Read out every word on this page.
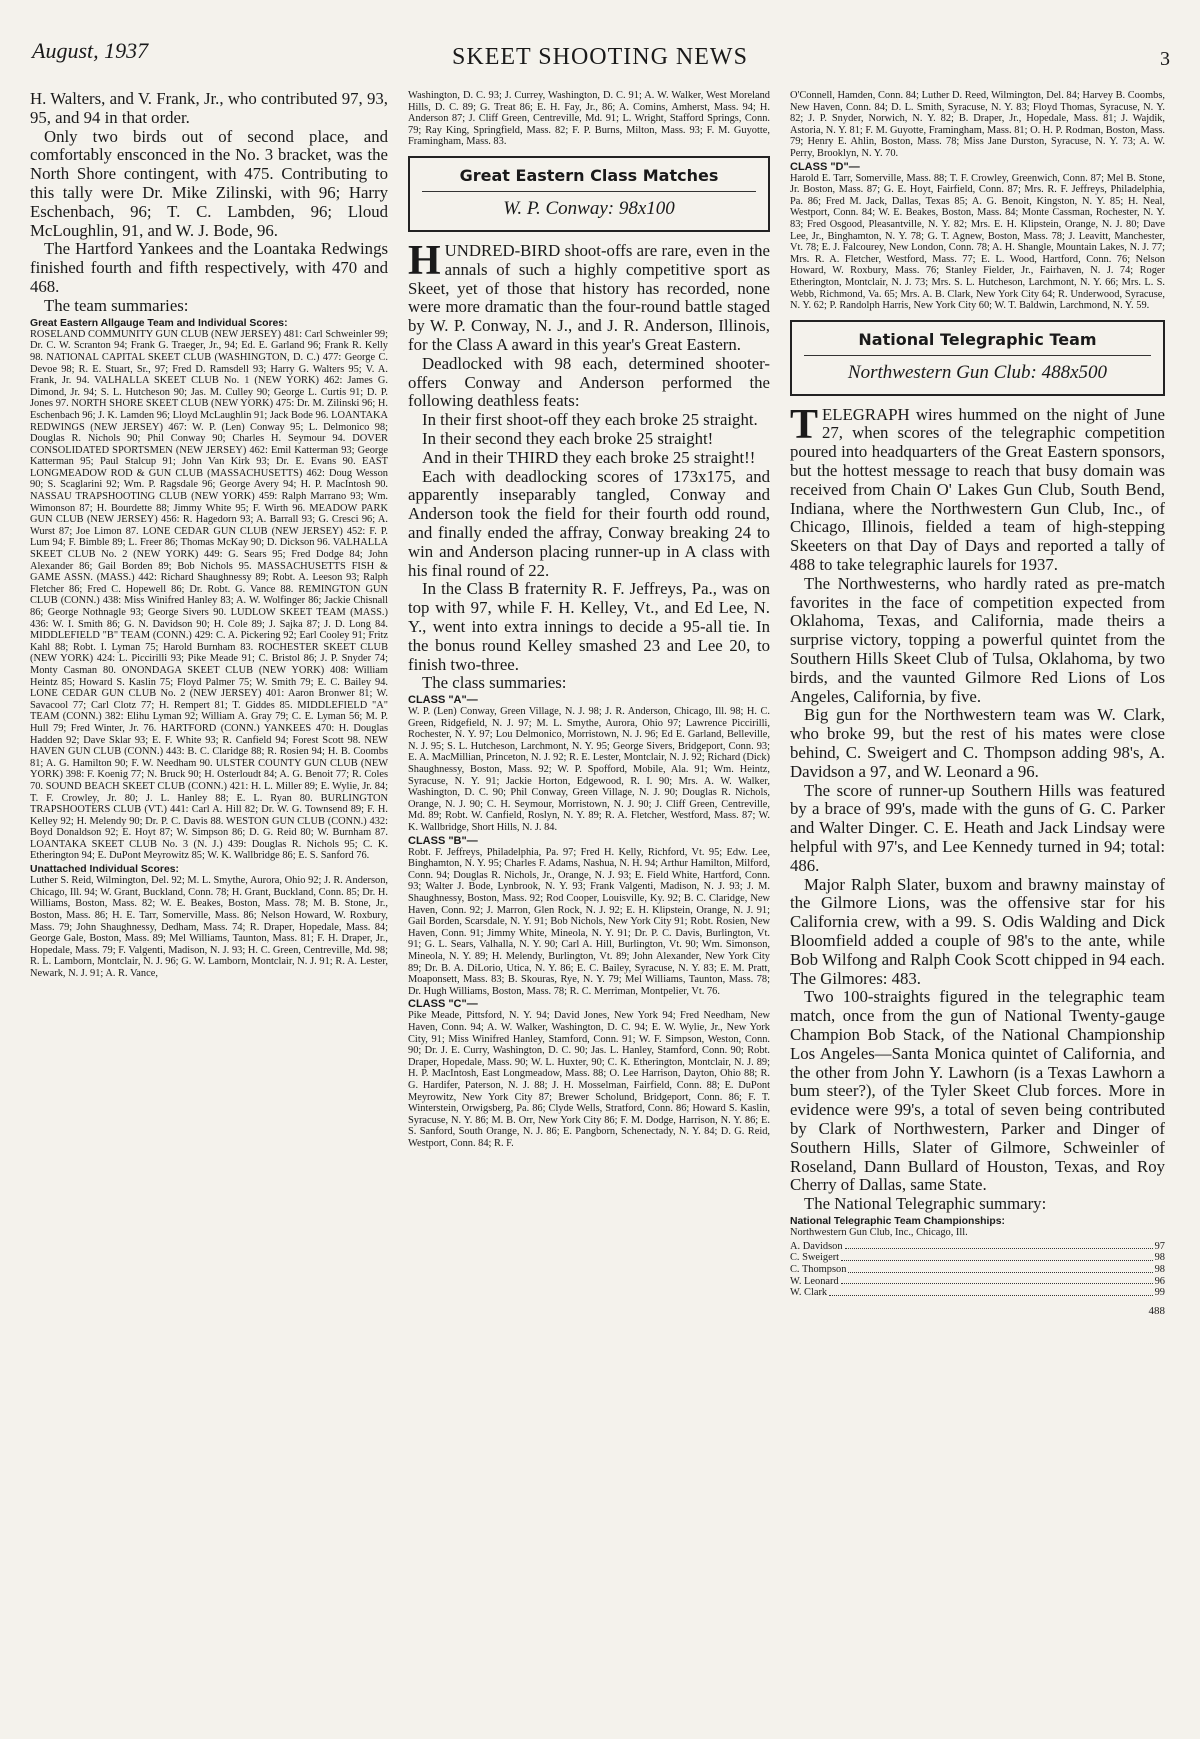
August, 1937	SKEET SHOOTING NEWS	3

H. Walters, and V. Frank, Jr., who contributed 97, 93, 95, and 94 in that order.

Only two birds out of second place, and comfortably ensconced in the No. 3 bracket, was the North Shore contingent, with 475. Contributing to this tally were Dr. Mike Zilinski, with 96; Harry Eschenbach, 96; T. C. Lambden, 96; Lloud McLoughlin, 91, and W. J. Bode, 96.

The Hartford Yankees and the Loantaka Redwings finished fourth and fifth respectively, with 470 and 468.

The team summaries:

Great Eastern Allgauge Team and Individual Scores:

ROSELAND COMMUNITY GUN CLUB (NEW JERSEY) 481: Carl Schweinler 99; Dr. C. W. Scranton 94; Frank G. Traeger, Jr., 94; Ed. E. Garland 96; Frank R. Kelly 98. NATIONAL CAPITAL SKEET CLUB (WASHINGTON, D. C.) 477: George C. Devoe 98; R. E. Stuart, Sr., 97; Fred D. Ramsdell 93; Harry G. Walters 95; V. A. Frank, Jr. 94. VALHALLA SKEET CLUB No. 1 (NEW YORK) 462: James G. Dimond, Jr. 94; S. L. Hutcheson 90; Jas. M. Culley 90; George L. Curtis 91; D. P. Jones 97. NORTH SHORE SKEET CLUB (NEW YORK) 475: Dr. M. Zilinski 96; H. Eschenbach 96; J. K. Lamden 96; Lloyd McLaughlin 91; Jack Bode 96. LOANTAKA REDWINGS (NEW JERSEY) 467: W. P. (Len) Conway 95; L. Delmonico 98; Douglas R. Nichols 90; Phil Conway 90; Charles H. Seymour 94. DOVER CONSOLIDATED SPORTSMEN (NEW JERSEY) 462: Emil Katterman 93; George Katterman 95; Paul Stalcup 91; John Van Kirk 93; Dr. E. Evans 90. EAST LONGMEADOW ROD & GUN CLUB (MASSACHUSETTS) 462: Doug Wesson 90; S. Scaglarini 92; Wm. P. Ragsdale 96; George Avery 94; H. P. MacIntosh 90. NASSAU TRAPSHOOTING CLUB (NEW YORK) 459: Ralph Marrano 93; Wm. Wimonson 87; H. Bourdette 88; Jimmy White 95; F. Wirth 96. MEADOW PARK GUN CLUB (NEW JERSEY) 456: R. Hagedorn 93; A. Barrall 93; G. Cresci 96; A. Wurst 87; Joe Limon 87. LONE CEDAR GUN CLUB (NEW JERSEY) 452: F. P. Lum 94; F. Bimble 89; L. Freer 86; Thomas McKay 90; D. Dickson 96. VALHALLA SKEET CLUB No. 2 (NEW YORK) 449: G. Sears 95; Fred Dodge 84; John Alexander 86; Gail Borden 89; Bob Nichols 95. MASSACHUSETTS FISH & GAME ASSN. (MASS.) 442: Richard Shaughnessy 89; Robt. A. Leeson 93; Ralph Fletcher 86; Fred C. Hopewell 86; Dr. Robt. G. Vance 88. REMINGTON GUN CLUB (CONN.) 438: Miss Winifred Hanley 83; A. W. Wolfinger 86; Jackie Chisnall 86; George Nothnagle 93; George Sivers 90. LUDLOW SKEET TEAM (MASS.) 436: W. I. Smith 86; G. N. Davidson 90; H. Cole 89; J. Sajka 87; J. D. Long 84. MIDDLEFIELD "B" TEAM (CONN.) 429: C. A. Pickering 92; Earl Cooley 91; Fritz Kahl 88; Robt. I. Lyman 75; Harold Burnham 83. ROCHESTER SKEET CLUB (NEW YORK) 424: L. Piccirilli 93; Pike Meade 91; C. Bristol 86; J. P. Snyder 74; Monty Casman 80. ONONDAGA SKEET CLUB (NEW YORK) 408: William Heintz 85; Howard S. Kaslin 75; Floyd Palmer 75; W. Smith 79; E. C. Bailey 94. LONE CEDAR GUN CLUB No. 2 (NEW JERSEY) 401: Aaron Bronwer 81; W. Savacool 77; Carl Clotz 77; H. Rempert 81; T. Giddes 85. MIDDLEFIELD "A" TEAM (CONN.) 382: Elihu Lyman 92; William A. Gray 79; C. E. Lyman 56; M. P. Hull 79; Fred Winter, Jr. 76. HARTFORD (CONN.) YANKEES 470: H. Douglas Hadden 92; Dave Sklar 93; E. F. White 93; R. Canfield 94; Forest Scott 98. NEW HAVEN GUN CLUB (CONN.) 443: B. C. Claridge 88; R. Rosien 94; H. B. Coombs 81; A. G. Hamilton 90; F. W. Needham 90. ULSTER COUNTY GUN CLUB (NEW YORK) 398: F. Koenig 77; N. Bruck 90; H. Osterloudt 84; A. G. Benoit 77; R. Coles 70. SOUND BEACH SKEET CLUB (CONN.) 421: H. L. Miller 89; E. Wylie, Jr. 84; T. F. Crowley, Jr. 80; J. L. Hanley 88; E. L. Ryan 80. BURLINGTON TRAPSHOOTERS CLUB (VT.) 441: Carl A. Hill 82; Dr. W. G. Townsend 89; F. H. Kelley 92; H. Melendy 90; Dr. P. C. Davis 88. WESTON GUN CLUB (CONN.) 432: Boyd Donaldson 92; E. Hoyt 87; W. Simpson 86; D. G. Reid 80; W. Burnham 87. LOANTAKA SKEET CLUB No. 3 (N. J.) 439: Douglas R. Nichols 95; C. K. Etherington 94; E. DuPont Meyrowitz 85; W. K. Wallbridge 86; E. S. Sanford 76.

Unattached Individual Scores:

Luther S. Reid, Wilmington, Del. 92; M. L. Smythe, Aurora, Ohio 92; J. R. Anderson, Chicago, Ill. 94; W. Grant, Buckland, Conn. 78; H. Grant, Buckland, Conn. 85; Dr. H. Williams, Boston, Mass. 82; W. E. Beakes, Boston, Mass. 78; M. B. Stone, Jr., Boston, Mass. 86; H. E. Tarr, Somerville, Mass. 86; Nelson Howard, W. Roxbury, Mass. 79; John Shaughnessy, Dedham, Mass. 74; R. Draper, Hopedale, Mass. 84; George Gale, Boston, Mass. 89; Mel Williams, Taunton, Mass. 81; F. H. Draper, Jr., Hopedale, Mass. 79; F. Valgenti, Madison, N. J. 93; H. C. Green, Centreville, Md. 98; R. L. Lamborn, Montclair, N. J. 96; G. W. Lamborn, Montclair, N. J. 91; R. A. Lester, Newark, N. J. 91; A. R. Vance,

Washington, D. C. 93; J. Currey, Washington, D. C. 91; A. W. Walker, West Moreland Hills, D. C. 89; G. Treat 86; E. H. Fay, Jr., 86; A. Comins, Amherst, Mass. 94; H. Anderson 87; J. Cliff Green, Centreville, Md. 91; L. Wright, Stafford Springs, Conn. 79; Ray King, Springfield, Mass. 82; F. P. Burns, Milton, Mass. 93; F. M. Guyotte, Framingham, Mass. 83.

Great Eastern Class Matches
W. P. Conway: 98x100

HUNDRED-BIRD shoot-offs are rare, even in the annals of such a highly competitive sport as Skeet, yet of those that history has recorded, none were more dramatic than the four-round battle staged by W. P. Conway, N. J., and J. R. Anderson, Illinois, for the Class A award in this year's Great Eastern.

Deadlocked with 98 each, determined shooter-offers Conway and Anderson performed the following deathless feats:

In their first shoot-off they each broke 25 straight.

In their second they each broke 25 straight!

And in their THIRD they each broke 25 straight!!

Each with deadlocking scores of 173x175, and apparently inseparably tangled, Conway and Anderson took the field for their fourth odd round, and finally ended the affray, Conway breaking 24 to win and Anderson placing runner-up in A class with his final round of 22.

In the Class B fraternity R. F. Jeffreys, Pa., was on top with 97, while F. H. Kelley, Vt., and Ed Lee, N. Y., went into extra innings to decide a 95-all tie. In the bonus round Kelley smashed 23 and Lee 20, to finish two-three.

The class summaries:

CLASS "A"—

W. P. (Len) Conway, Green Village, N. J. 98; J. R. Anderson, Chicago, Ill. 98; H. C. Green, Ridgefield, N. J. 97; M. L. Smythe, Aurora, Ohio 97; Lawrence Piccirilli, Rochester, N. Y. 97; Lou Delmonico, Morristown, N. J. 96; Ed E. Garland, Belleville, N. J. 95; S. L. Hutcheson, Larchmont, N. Y. 95; George Sivers, Bridgeport, Conn. 93; E. A. MacMillian, Princeton, N. J. 92; R. E. Lester, Montclair, N. J. 92; Richard (Dick) Shaughnessy, Boston, Mass. 92; W. P. Spofford, Mobile, Ala. 91; Wm. Heintz, Syracuse, N. Y. 91; Jackie Horton, Edgewood, R. I. 90; Mrs. A. W. Walker, Washington, D. C. 90; Phil Conway, Green Village, N. J. 90; Douglas R. Nichols, Orange, N. J. 90; C. H. Seymour, Morristown, N. J. 90; J. Cliff Green, Centreville, Md. 89; Robt. W. Canfield, Roslyn, N. Y. 89; R. A. Fletcher, Westford, Mass. 87; W. K. Wallbridge, Short Hills, N. J. 84.

CLASS "B"—

Robt. F. Jeffreys, Philadelphia, Pa. 97; Fred H. Kelly, Richford, Vt. 95; Edw. Lee, Binghamton, N. Y. 95; Charles F. Adams, Nashua, N. H. 94; Arthur Hamilton, Milford, Conn. 94; Douglas R. Nichols, Jr., Orange, N. J. 93; E. Field White, Hartford, Conn. 93; Walter J. Bode, Lynbrook, N. Y. 93; Frank Valgenti, Madison, N. J. 93; J. M. Shaughnessy, Boston, Mass. 92; Rod Cooper, Louisville, Ky. 92; B. C. Claridge, New Haven, Conn. 92; J. Marron, Glen Rock, N. J. 92; E. H. Klipstein, Orange, N. J. 91; Gail Borden, Scarsdale, N. Y. 91; Bob Nichols, New York City 91; Robt. Rosien, New Haven, Conn. 91; Jimmy White, Mineola, N. Y. 91; Dr. P. C. Davis, Burlington, Vt. 91; G. L. Sears, Valhalla, N. Y. 90; Carl A. Hill, Burlington, Vt. 90; Wm. Simonson, Mineola, N. Y. 89; H. Melendy, Burlington, Vt. 89; John Alexander, New York City 89; Dr. B. A. DiLorio, Utica, N. Y. 86; E. C. Bailey, Syracuse, N. Y. 83; E. M. Pratt, Moaponsett, Mass. 83; B. Skouras, Rye, N. Y. 79; Mel Williams, Taunton, Mass. 78; Dr. Hugh Williams, Boston, Mass. 78; R. C. Merriman, Montpelier, Vt. 76.

CLASS "C"—

Pike Meade, Pittsford, N. Y. 94; David Jones, New York 94; Fred Needham, New Haven, Conn. 94; A. W. Walker, Washington, D. C. 94; E. W. Wylie, Jr., New York City, 91; Miss Winifred Hanley, Stamford, Conn. 91; W. F. Simpson, Weston, Conn. 90; Dr. J. E. Curry, Washington, D. C. 90; Jas. L. Hanley, Stamford, Conn. 90; Robt. Draper, Hopedale, Mass. 90; W. L. Huxter, 90; C. K. Etherington, Montclair, N. J. 89; H. P. MacIntosh, East Longmeadow, Mass. 88; O. Lee Harrison, Dayton, Ohio 88; R. G. Hardifer, Paterson, N. J. 88; J. H. Mosselman, Fairfield, Conn. 88; E. DuPont Meyrowitz, New York City 87; Brewer Scholund, Bridgeport, Conn. 86; F. T. Winterstein, Orwigsberg, Pa. 86; Clyde Wells, Stratford, Conn. 86; Howard S. Kaslin, Syracuse, N. Y. 86; M. B. Orr, New York City 86; F. M. Dodge, Harrison, N. Y. 86; E. S. Sanford, South Orange, N. J. 86; E. Pangborn, Schenectady, N. Y. 84; D. G. Reid, Westport, Conn. 84; R. F.

O'Connell, Hamden, Conn. 84; Luther D. Reed, Wilmington, Del. 84; Harvey B. Coombs, New Haven, Conn. 84; D. L. Smith, Syracuse, N. Y. 83; Floyd Thomas, Syracuse, N. Y. 82; J. P. Snyder, Norwich, N. Y. 82; B. Draper, Jr., Hopedale, Mass. 81; J. Wajdik, Astoria, N. Y. 81; F. M. Guyotte, Framingham, Mass. 81; O. H. P. Rodman, Boston, Mass. 79; Henry E. Ahlin, Boston, Mass. 78; Miss Jane Durston, Syracuse, N. Y. 73; A. W. Perry, Brooklyn, N. Y. 70.

CLASS "D"—

Harold E. Tarr, Somerville, Mass. 88; T. F. Crowley, Greenwich, Conn. 87; Mel B. Stone, Jr. Boston, Mass. 87; G. E. Hoyt, Fairfield, Conn. 87; Mrs. R. F. Jeffreys, Philadelphia, Pa. 86; Fred M. Jack, Dallas, Texas 85; A. G. Benoit, Kingston, N. Y. 85; H. Neal, Westport, Conn. 84; W. E. Beakes, Boston, Mass. 84; Monte Cassman, Rochester, N. Y. 83; Fred Osgood, Pleasantville, N. Y. 82; Mrs. E. H. Klipstein, Orange, N. J. 80; Dave Lee, Jr., Binghamton, N. Y. 78; G. T. Agnew, Boston, Mass. 78; J. Leavitt, Manchester, Vt. 78; E. J. Falcourey, New London, Conn. 78; A. H. Shangle, Mountain Lakes, N. J. 77; Mrs. R. A. Fletcher, Westford, Mass. 77; E. L. Wood, Hartford, Conn. 76; Nelson Howard, W. Roxbury, Mass. 76; Stanley Fielder, Jr., Fairhaven, N. J. 74; Roger Etherington, Montclair, N. J. 73; Mrs. S. L. Hutcheson, Larchmont, N. Y. 66; Mrs. L. S. Webb, Richmond, Va. 65; Mrs. A. B. Clark, New York City 64; R. Underwood, Syracuse, N. Y. 62; P. Randolph Harris, New York City 60; W. T. Baldwin, Larchmond, N. Y. 59.

National Telegraphic Team
Northwestern Gun Club: 488x500

TELEGRAPH wires hummed on the night of June 27, when scores of the telegraphic competition poured into headquarters of the Great Eastern sponsors, but the hottest message to reach that busy domain was received from Chain O' Lakes Gun Club, South Bend, Indiana, where the Northwestern Gun Club, Inc., of Chicago, Illinois, fielded a team of high-stepping Skeeters on that Day of Days and reported a tally of 488 to take telegraphic laurels for 1937.

The Northwesterns, who hardly rated as pre-match favorites in the face of competition expected from Oklahoma, Texas, and California, made theirs a surprise victory, topping a powerful quintet from the Southern Hills Skeet Club of Tulsa, Oklahoma, by two birds, and the vaunted Gilmore Red Lions of Los Angeles, California, by five.

Big gun for the Northwestern team was W. Clark, who broke 99, but the rest of his mates were close behind, C. Sweigert and C. Thompson adding 98's, A. Davidson a 97, and W. Leonard a 96.

The score of runner-up Southern Hills was featured by a brace of 99's, made with the guns of G. C. Parker and Walter Dinger. C. E. Heath and Jack Lindsay were helpful with 97's, and Lee Kennedy turned in 94; total: 486.

Major Ralph Slater, buxom and brawny mainstay of the Gilmore Lions, was the offensive star for his California crew, with a 99. S. Odis Walding and Dick Bloomfield added a couple of 98's to the ante, while Bob Wilfong and Ralph Cook Scott chipped in 94 each. The Gilmores: 483.

Two 100-straights figured in the telegraphic team match, once from the gun of National Twenty-gauge Champion Bob Stack, of the National Championship Los Angeles—Santa Monica quintet of California, and the other from John Y. Lawhorn (is a Texas Lawhorn a bum steer?), of the Tyler Skeet Club forces. More in evidence were 99's, a total of seven being contributed by Clark of Northwestern, Parker and Dinger of Southern Hills, Slater of Gilmore, Schweinler of Roseland, Dann Bullard of Houston, Texas, and Roy Cherry of Dallas, same State.

The National Telegraphic summary:

National Telegraphic Team Championships:

Northwestern Gun Club, Inc., Chicago, Ill.

A. Davidson	97
C. Sweigert	98
C. Thompson	98
W. Leonard	96
W. Clark	99
488
